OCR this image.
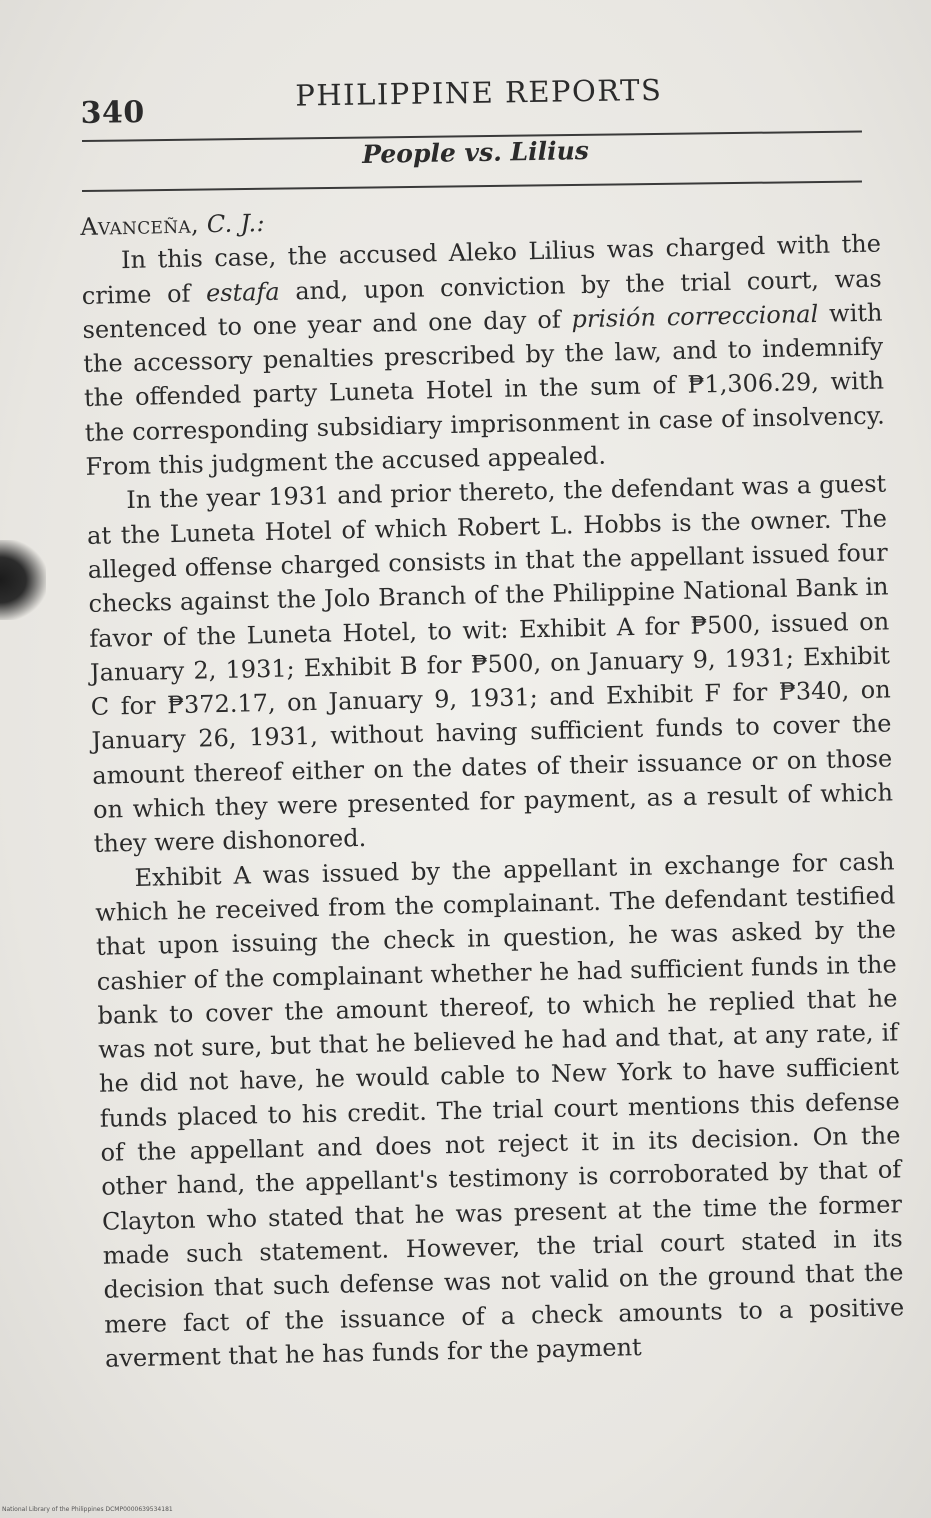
340
PHILIPPINE REPORTS
People vs. Lilius

Avanceña, C. J.:

In this case, the accused Aleko Lilius was charged with the crime of estafa and, upon conviction by the trial court, was sentenced to one year and one day of prisión correccional with the accessory penalties prescribed by the law, and to indemnify the offended party Luneta Hotel in the sum of ₱1,306.29, with the corresponding subsidiary imprisonment in case of insolvency. From this judgment the accused appealed.

In the year 1931 and prior thereto, the defendant was a guest at the Luneta Hotel of which Robert L. Hobbs is the owner. The alleged offense charged consists in that the appellant issued four checks against the Jolo Branch of the Philippine National Bank in favor of the Luneta Hotel, to wit: Exhibit A for ₱500, issued on January 2, 1931; Exhibit B for ₱500, on January 9, 1931; Exhibit C for ₱372.17, on January 9, 1931; and Exhibit F for ₱340, on January 26, 1931, without having sufficient funds to cover the amount thereof either on the dates of their issuance or on those on which they were presented for payment, as a result of which they were dishonored.

Exhibit A was issued by the appellant in exchange for cash which he received from the complainant. The defendant testified that upon issuing the check in question, he was asked by the cashier of the complainant whether he had sufficient funds in the bank to cover the amount thereof, to which he replied that he was not sure, but that he believed he had and that, at any rate, if he did not have, he would cable to New York to have sufficient funds placed to his credit. The trial court mentions this defense of the appellant and does not reject it in its decision. On the other hand, the appellant's testimony is corroborated by that of Clayton who stated that he was present at the time the former made such statement. However, the trial court stated in its decision that such defense was not valid on the ground that the mere fact of the issuance of a check amounts to a positive averment that he has funds for the payment

National Library of the Philippines DCMP0000639534181
